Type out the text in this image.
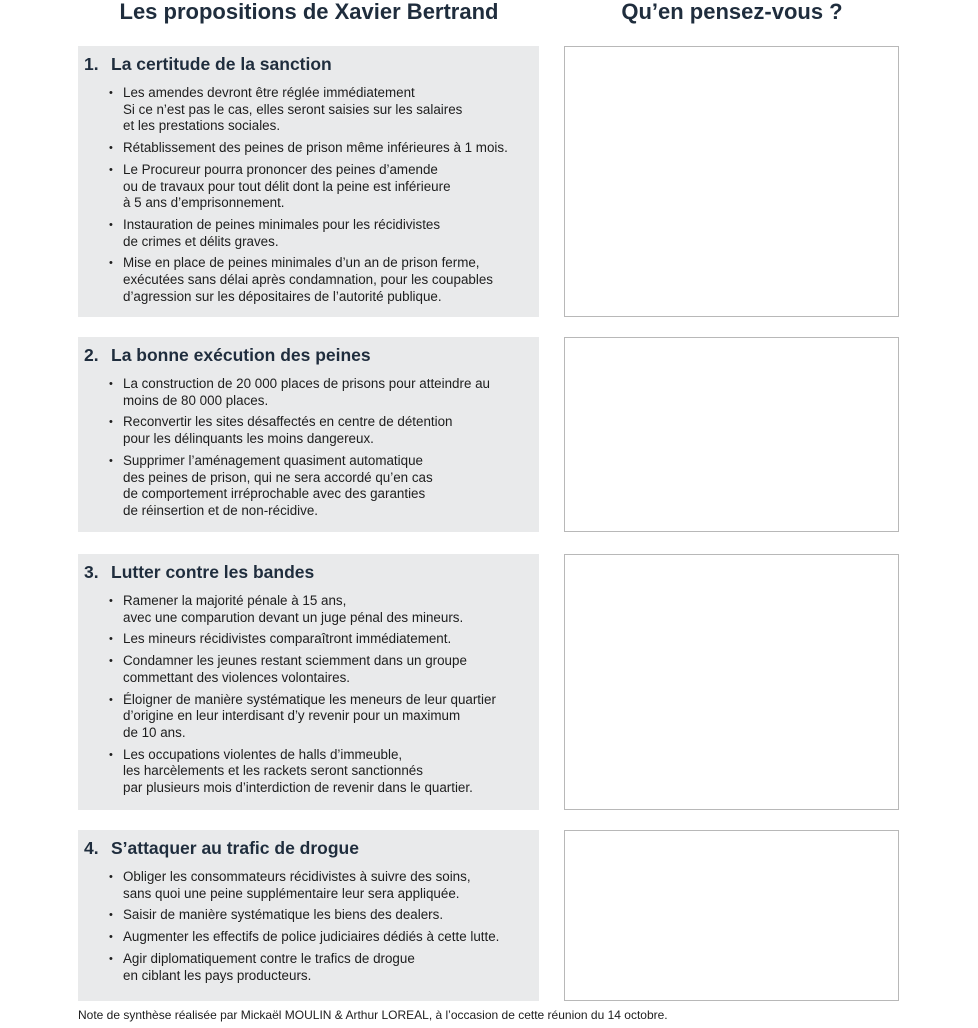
Les propositions de Xavier Bertrand	Qu’en pensez-vous ?
1. La certitude de la sanction
• Les amendes devront être réglée immédiatement
Si ce n’est pas le cas, elles seront saisies sur les salaires
et les prestations sociales.
• Rétablissement des peines de prison même inférieures à 1 mois.
• Le Procureur pourra prononcer des peines d’amende
ou de travaux pour tout délit dont la peine est inférieure
à 5 ans d’emprisonnement.
• Instauration de peines minimales pour les récidivistes
de crimes et délits graves.
• Mise en place de peines minimales d’un an de prison ferme,
exécutées sans délai après condamnation, pour les coupables
d’agression sur les dépositaires de l’autorité publique.
2. La bonne exécution des peines
• La construction de 20 000 places de prisons pour atteindre au
moins de 80 000 places.
• Reconvertir les sites désaffectés en centre de détention
pour les délinquants les moins dangereux.
• Supprimer l’aménagement quasiment automatique
des peines de prison, qui ne sera accordé qu’en cas
de comportement irréprochable avec des garanties
de réinsertion et de non-récidive.
3. Lutter contre les bandes
• Ramener la majorité pénale à 15 ans,
avec une comparution devant un juge pénal des mineurs.
• Les mineurs récidivistes comparaîtront immédiatement.
• Condamner les jeunes restant sciemment dans un groupe
commettant des violences volontaires.
• Éloigner de manière systématique les meneurs de leur quartier
d’origine en leur interdisant d’y revenir pour un maximum
de 10 ans.
• Les occupations violentes de halls d’immeuble,
les harcèlements et les rackets seront sanctionnés
par plusieurs mois d’interdiction de revenir dans le quartier.
4. S’attaquer au trafic de drogue
• Obliger les consommateurs récidivistes à suivre des soins,
sans quoi une peine supplémentaire leur sera appliquée.
• Saisir de manière systématique les biens des dealers.
• Augmenter les effectifs de police judiciaires dédiés à cette lutte.
• Agir diplomatiquement contre le trafics de drogue
en ciblant les pays producteurs.

Note de synthèse réalisée par Mickaël MOULIN & Arthur LOREAL, à l’occasion de cette réunion du 14 octobre.
